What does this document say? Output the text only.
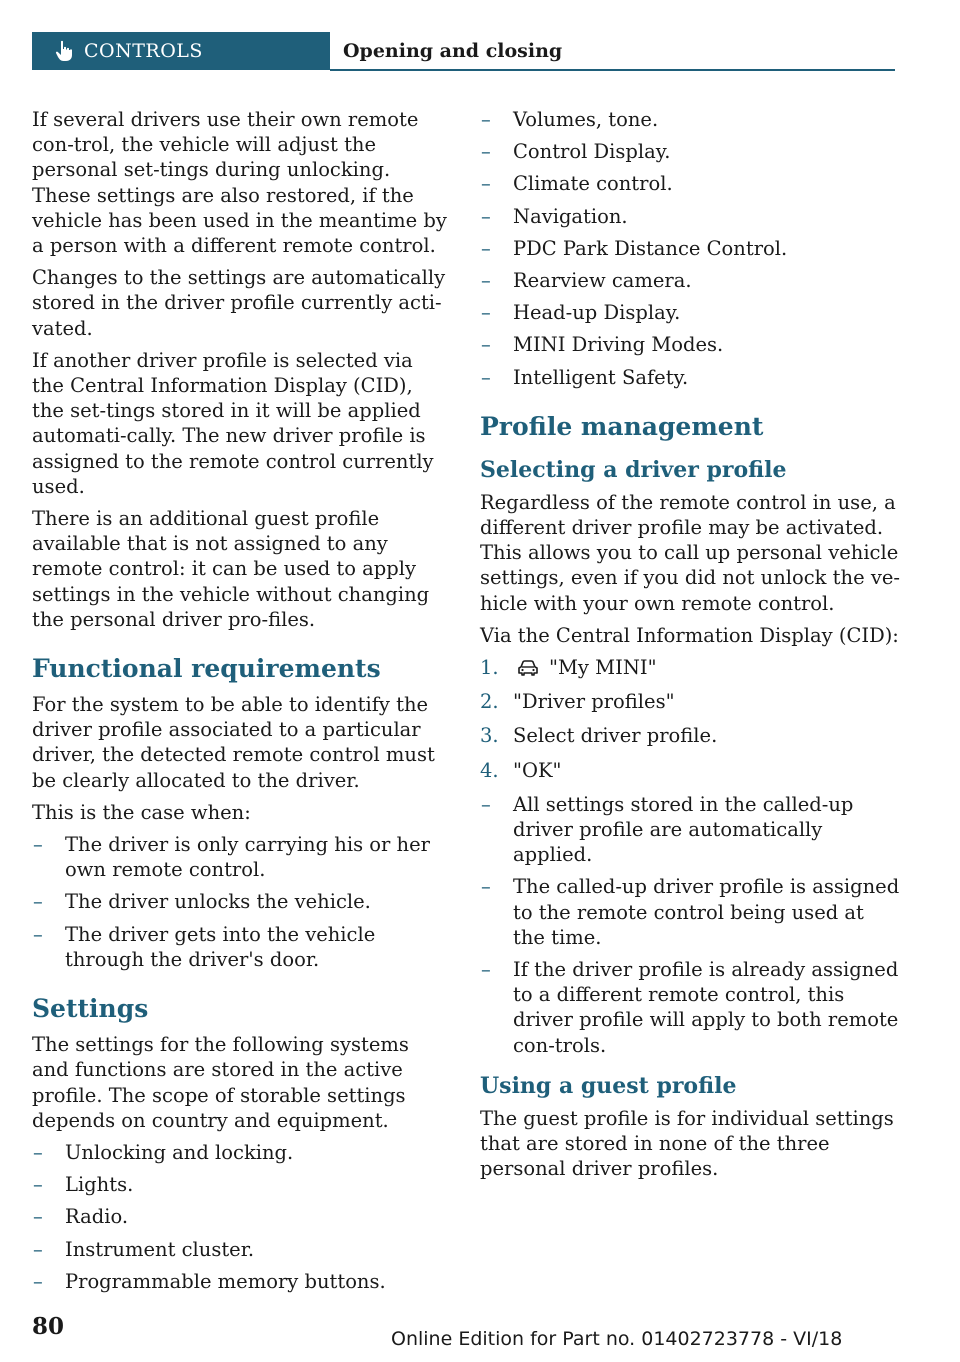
CONTROLS	Opening and closing

If several drivers use their own remote con-trol, the vehicle will adjust the personal set-tings during unlocking. These settings are also restored, if the vehicle has been used in the meantime by a person with a different remote control.

Changes to the settings are automatically stored in the driver profile currently acti-vated.

If another driver profile is selected via the Central Information Display (CID), the set-tings stored in it will be applied automati-cally. The new driver profile is assigned to the remote control currently used.

There is an additional guest profile available that is not assigned to any remote control: it can be used to apply settings in the vehicle without changing the personal driver pro-files.

Functional requirements

For the system to be able to identify the driver profile associated to a particular driver, the detected remote control must be clearly allocated to the driver.

This is the case when:

– The driver is only carrying his or her own remote control.
– The driver unlocks the vehicle.
– The driver gets into the vehicle through the driver's door.
Settings

The settings for the following systems and functions are stored in the active profile. The scope of storable settings depends on country and equipment.

– Unlocking and locking.
– Lights.
– Radio.
– Instrument cluster.
– Programmable memory buttons.
– Volumes, tone.
– Control Display.
– Climate control.
– Navigation.
– PDC Park Distance Control.
– Rearview camera.
– Head-up Display.
– MINI Driving Modes.
– Intelligent Safety.
Profile management
Selecting a driver profile

Regardless of the remote control in use, a different driver profile may be activated. This allows you to call up personal vehicle settings, even if you did not unlock the ve-hicle with your own remote control.

Via the Central Information Display (CID):

1.	"My MINI"
2. "Driver profiles"
3. Select driver profile.
4. "OK"
– All settings stored in the called-up driver profile are automatically applied.
– The called-up driver profile is assigned to the remote control being used at the time.
– If the driver profile is already assigned to a different remote control, this driver profile will apply to both remote con-trols.
Using a guest profile

The guest profile is for individual settings that are stored in none of the three personal driver profiles.

80	Online Edition for Part no. 01402723778 - VI/18
